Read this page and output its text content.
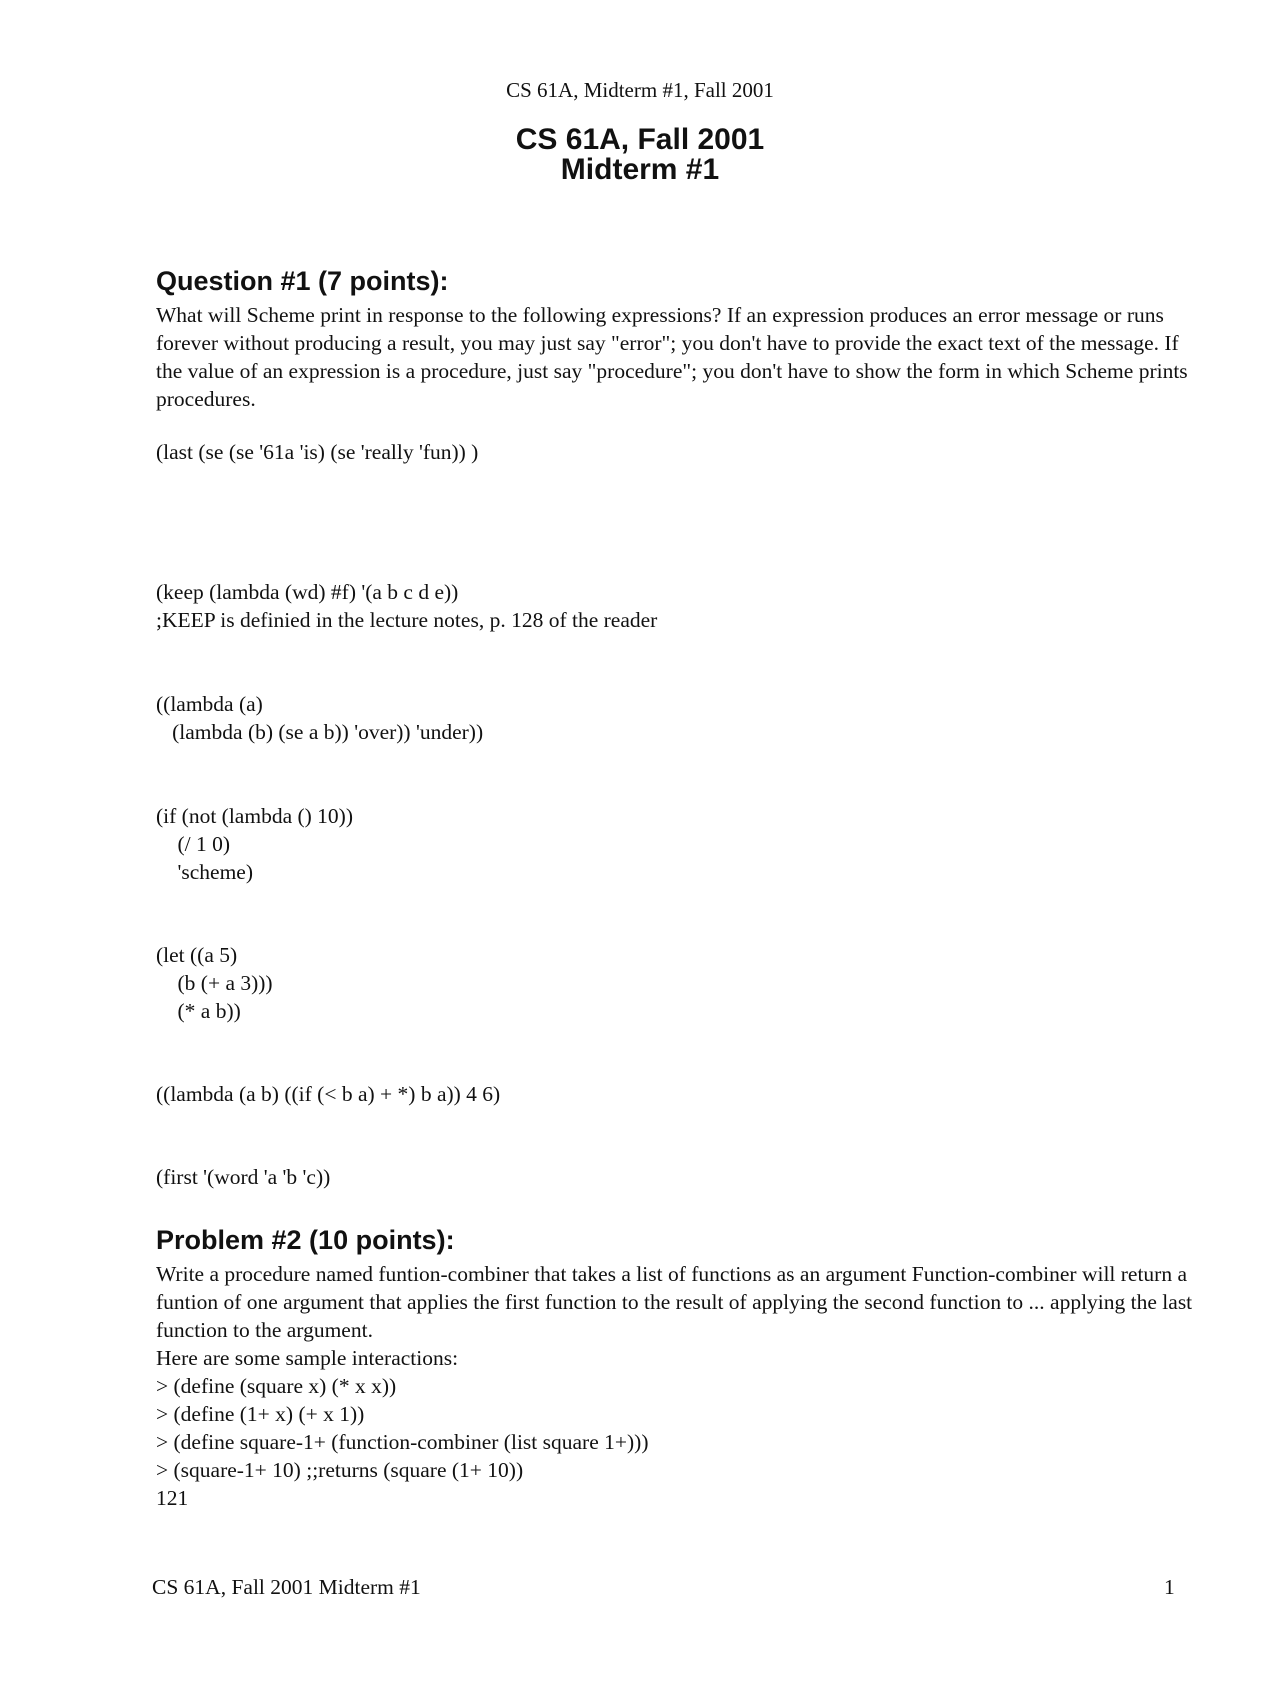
CS 61A, Midterm #1, Fall 2001
CS 61A, Fall 2001
Midterm #1
Question #1 (7 points):
What will Scheme print in response to the following expressions? If an expression produces an error message or runs forever without producing a result, you may just say "error"; you don't have to provide the exact text of the message. If the value of an expression is a procedure, just say "procedure"; you don't have to show the form in which Scheme prints procedures.
(last (se (se '61a 'is) (se 'really 'fun)) )
(keep (lambda (wd) #f) '(a b c d e))
;KEEP is definied in the lecture notes, p. 128 of the reader
((lambda (a)
(lambda (b) (se a b)) 'over)) 'under))
(if (not (lambda () 10))
(/ 1 0)
'scheme)
(let ((a 5)
(b (+ a 3)))
(* a b))
((lambda (a b) ((if (< b a) + *) b a)) 4 6)
(first '(word 'a 'b 'c))
Problem #2 (10 points):
Write a procedure named funtion-combiner that takes a list of functions as an argument Function-combiner will return a funtion of one argument that applies the first function to the result of applying the second function to ... applying the last function to the argument.
Here are some sample interactions:
> (define (square x) (* x x))
> (define (1+ x) (+ x 1))
> (define square-1+ (function-combiner (list square 1+)))
> (square-1+ 10) ;;returns (square (1+ 10))
121
CS 61A, Fall 2001 Midterm #1	1
